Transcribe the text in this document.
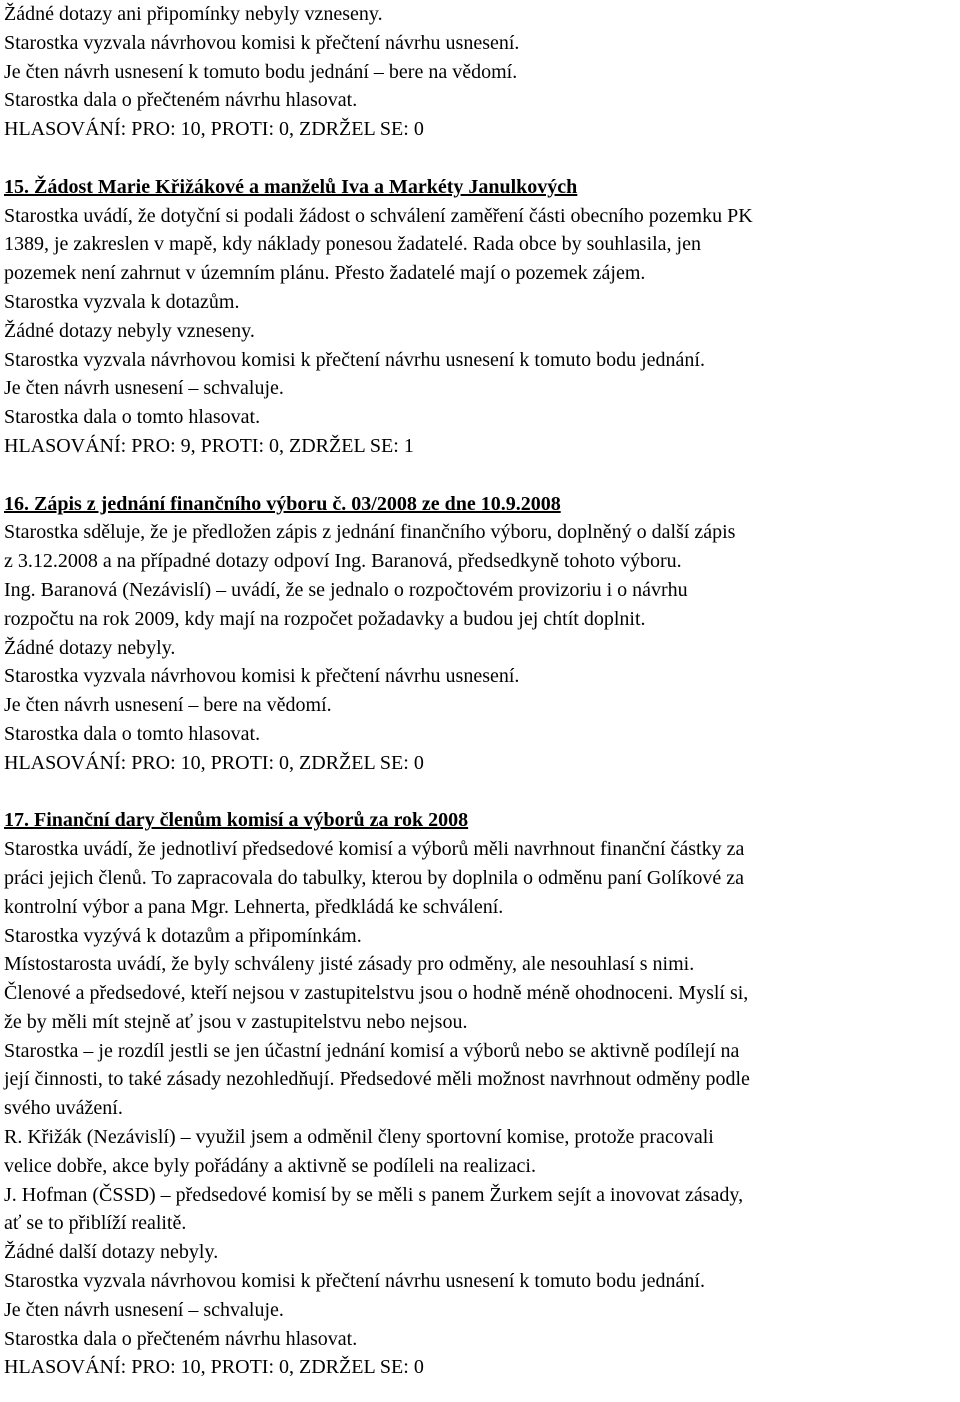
Žádné dotazy ani připomínky nebyly vzneseny.
Starostka vyzvala návrhovou komisi k přečtení návrhu usnesení.
Je čten návrh usnesení k tomuto bodu jednání – bere na vědomí.
Starostka dala o přečteném návrhu hlasovat.
HLASOVÁNÍ: PRO: 10, PROTI: 0, ZDRŽEL SE: 0
15. Žádost Marie Křižákové a manželů Iva a Markéty Janulkových
Starostka uvádí, že dotyční si podali žádost o schválení zaměření části obecního pozemku PK
1389, je zakreslen v mapě, kdy náklady ponesou žadatelé. Rada obce by souhlasila, jen
pozemek není zahrnut v územním plánu. Přesto žadatelé mají o pozemek zájem.
Starostka vyzvala k dotazům.
Žádné dotazy nebyly vzneseny.
Starostka vyzvala návrhovou komisi k přečtení návrhu usnesení k tomuto bodu jednání.
Je čten návrh usnesení – schvaluje.
Starostka dala o tomto hlasovat.
HLASOVÁNÍ: PRO: 9, PROTI: 0, ZDRŽEL SE: 1
16. Zápis z jednání finančního výboru č. 03/2008 ze dne 10.9.2008
Starostka sděluje, že je předložen zápis z jednání finančního výboru, doplněný o další zápis
z 3.12.2008 a na případné dotazy odpoví Ing. Baranová, předsedkyně tohoto výboru.
Ing. Baranová (Nezávislí) – uvádí, že se jednalo o rozpočtovém provizoriu i o návrhu
rozpočtu na rok 2009, kdy mají na rozpočet požadavky a budou jej chtít doplnit.
Žádné dotazy nebyly.
Starostka vyzvala návrhovou komisi k přečtení návrhu usnesení.
Je čten návrh usnesení – bere na vědomí.
Starostka dala o tomto hlasovat.
HLASOVÁNÍ: PRO: 10, PROTI: 0, ZDRŽEL SE: 0
17. Finanční dary členům komisí a výborů za rok 2008
Starostka uvádí, že jednotliví předsedové komisí a výborů měli navrhnout finanční částky za
práci jejich členů. To zapracovala do tabulky, kterou by doplnila o odměnu paní Golíkové za
kontrolní výbor a pana Mgr. Lehnerta, předkládá ke schválení.
Starostka vyzývá k dotazům a připomínkám.
Místostarosta uvádí, že byly schváleny jisté zásady pro odměny, ale nesouhlasí s nimi.
Členové a předsedové, kteří nejsou v zastupitelstvu jsou o hodně méně ohodnoceni. Myslí si,
že by měli mít stejně ať jsou v zastupitelstvu nebo nejsou.
Starostka – je rozdíl jestli se jen účastní jednání komisí a výborů nebo se aktivně podílejí na
její činnosti, to také zásady nezohledňují. Předsedové měli možnost navrhnout odměny podle
svého uvážení.
R. Křižák (Nezávislí) – využil jsem a odměnil členy sportovní komise, protože pracovali
velice dobře, akce byly pořádány a aktivně se podíleli na realizaci.
J. Hofman (ČSSD) – předsedové komisí by se měli s panem Žurkem sejít a inovovat zásady,
ať se to přiblíží realitě.
Žádné další dotazy nebyly.
Starostka vyzvala návrhovou komisi k přečtení návrhu usnesení k tomuto bodu jednání.
Je čten návrh usnesení – schvaluje.
Starostka dala o přečteném návrhu hlasovat.
HLASOVÁNÍ: PRO: 10, PROTI: 0, ZDRŽEL SE: 0
